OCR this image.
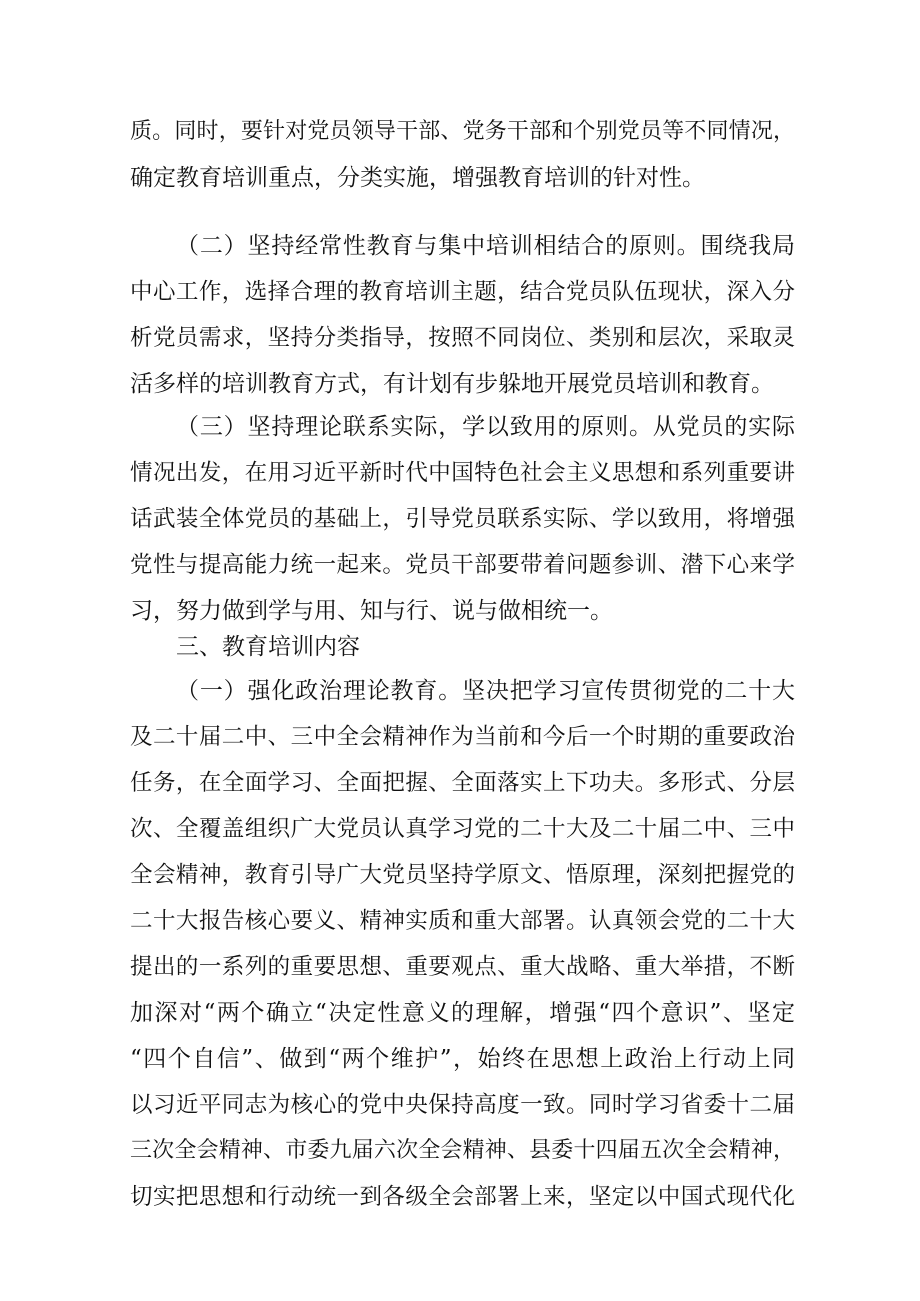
质。同时，要针对党员领导干部、党务干部和个别党员等不同情况，
确定教育培训重点，分类实施，增强教育培训的针对性。
（二）坚持经常性教育与集中培训相结合的原则。围绕我局
中心工作，选择合理的教育培训主题，结合党员队伍现状，深入分
析党员需求，坚持分类指导，按照不同岗位、类别和层次，采取灵
活多样的培训教育方式，有计划有步躲地开展党员培训和教育。
（三）坚持理论联系实际，学以致用的原则。从党员的实际
情况出发，在用习近平新时代中国特色社会主义思想和系列重要讲
话武装全体党员的基础上，引导党员联系实际、学以致用，将增强
党性与提高能力统一起来。党员干部要带着问题参训、潜下心来学
习，努力做到学与用、知与行、说与做相统一。
三、教育培训内容
（一）强化政治理论教育。坚决把学习宣传贯彻党的二十大
及二十届二中、三中全会精神作为当前和今后一个时期的重要政治
任务，在全面学习、全面把握、全面落实上下功夫。多形式、分层
次、全覆盖组织广大党员认真学习党的二十大及二十届二中、三中
全会精神，教育引导广大党员坚持学原文、悟原理，深刻把握党的
二十大报告核心要义、精神实质和重大部署。认真领会党的二十大
提出的一系列的重要思想、重要观点、重大战略、重大举措，不断
加深对“两个确立“决定性意义的理解，增强“四个意识”、坚定
“四个自信”、做到“两个维护”，始终在思想上政治上行动上同
以习近平同志为核心的党中央保持高度一致。同时学习省委十二届
三次全会精神、市委九届六次全会精神、县委十四届五次全会精神，
切实把思想和行动统一到各级全会部署上来，坚定以中国式现代化
